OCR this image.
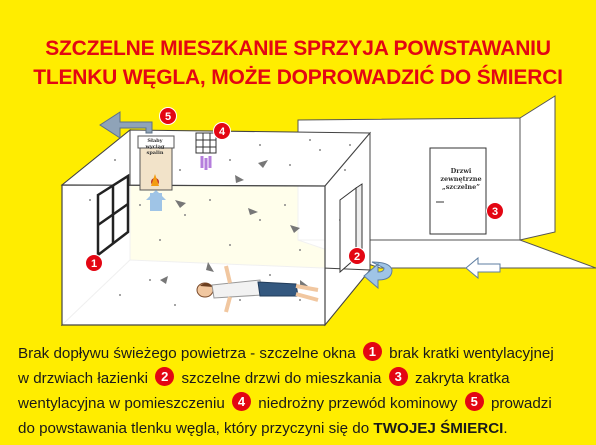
SZCZELNE MIESZKANIE SPRZYJA POWSTAWANIU
TLENKU WĘGLA, MOŻE DOPROWADZIĆ DO ŚMIERCI
1
2
3
4
5
Słaby wyciąg
spalin
Drzwi
zewnętrzne
„szczelne”
Brak dopływu świeżego powietrza - szczelne okna 1 brak kratki wentylacyjnej
w drzwiach łazienki 2 szczelne drzwi do mieszkania 3 zakryta kratka
wentylacyjna w pomieszczeniu 4 niedrożny przewód kominowy 5 prowadzi
do powstawania tlenku węgla, który przyczyni się do TWOJEJ ŚMIERCI.
